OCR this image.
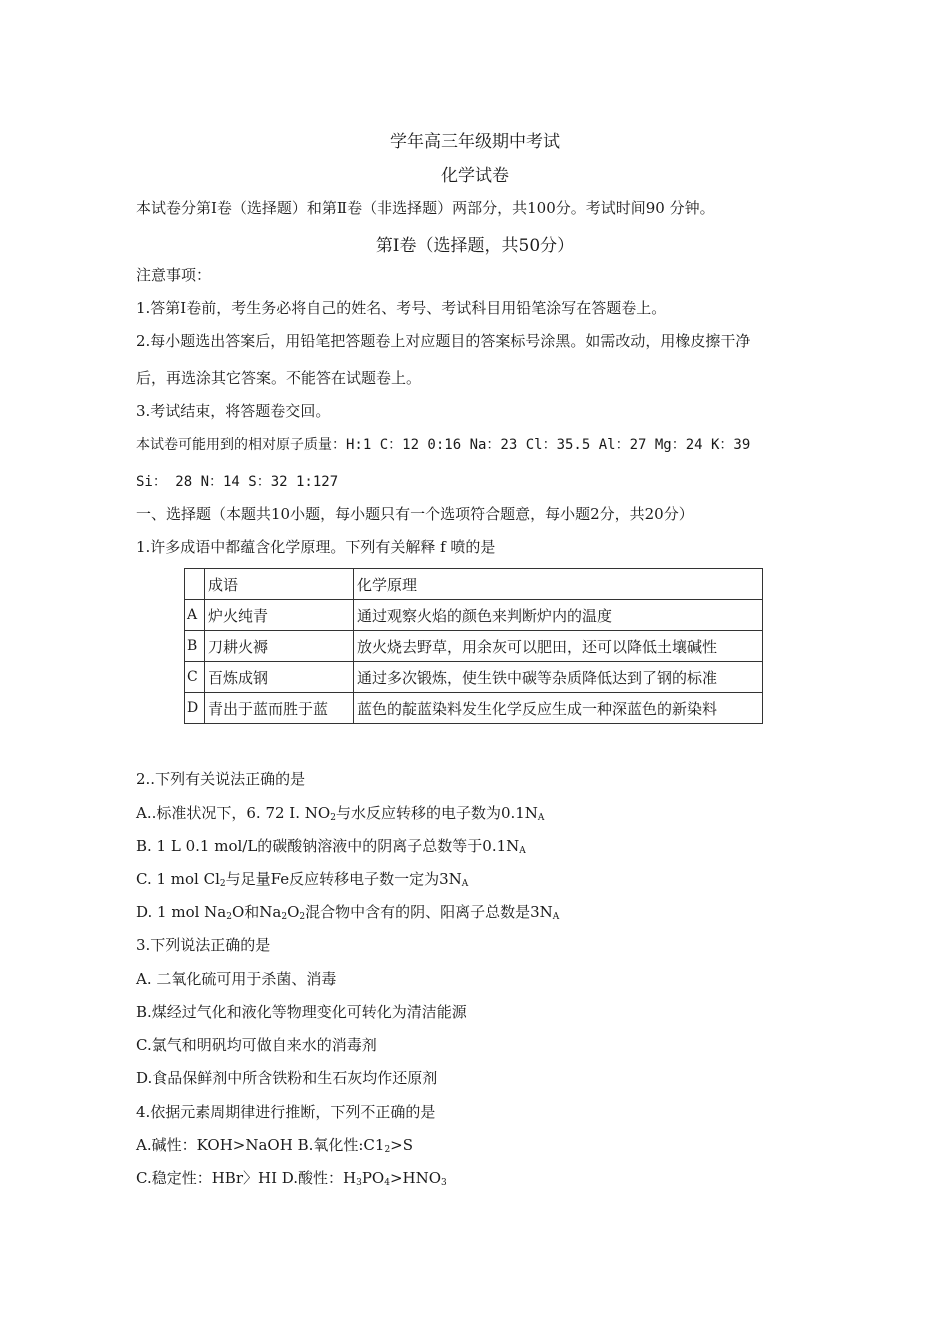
学年高三年级期中考试
化学试卷
本试卷分第Ⅰ卷（选择题）和第Ⅱ卷（非选择题）两部分，共100分。考试时间90 分钟。
第Ⅰ卷（选择题，共50分）
注意事项：
1.答第Ⅰ卷前，考生务必将自己的姓名、考号、考试科目用铅笔涂写在答题卷上。
2.每小题选出答案后，用铅笔把答题卷上对应题目的答案标号涂黑。如需改动，用橡皮擦干净
后，再选涂其它答案。不能答在试题卷上。
3.考试结束，将答题卷交回。
本试卷可能用到的相对原子质量：H:1 C：12 0:16 Na：23 Cl：35.5 Al：27 Mg：24 K：39
Si： 28 N：14 S：32 1:127
一、选择题（本题共10小题，每小题只有一个选项符合题意，每小题2分，共20分）
1.许多成语中都蕴含化学原理。下列有关解释 f 喷的是
	成语	化学原理
A	炉火纯青	通过观察火焰的颜色来判断炉内的温度
B	刀耕火褥	放火烧去野草，用余灰可以肥田，还可以降低土壤碱性
C	百炼成钢	通过多次锻炼，使生铁中碳等杂质降低达到了钢的标准
D	青出于蓝而胜于蓝	蓝色的靛蓝染料发生化学反应生成一种深蓝色的新染料
2..下列有关说法正确的是
A..标准状况下，6. 72 I. $NO_2$与水反应转移的电子数为$0.1N_A$
B. 1 L 0.1 mol/L的碳酸钠溶液中的阴离子总数等于$0.1N_A$
C. 1 mol $Cl_2$与足量Fe反应转移电子数一定为$3N_A$
D. 1 mol $Na_2O$和$Na_2O_2$混合物中含有的阴、阳离子总数是$3N_A$
3.下列说法正确的是
A. 二氧化硫可用于杀菌、消毒
B.煤经过气化和液化等物理变化可转化为清洁能源
C.氯气和明矾均可做自来水的消毒剂
D.食品保鲜剂中所含铁粉和生石灰均作还原剂
4.依据元素周期律进行推断，下列不正确的是
A.碱性：KOH>NaOH B.氧化性$:C1_2>S$
C.稳定性：HBr〉HI D.酸性：$H_3PO_4>HNO_3$
